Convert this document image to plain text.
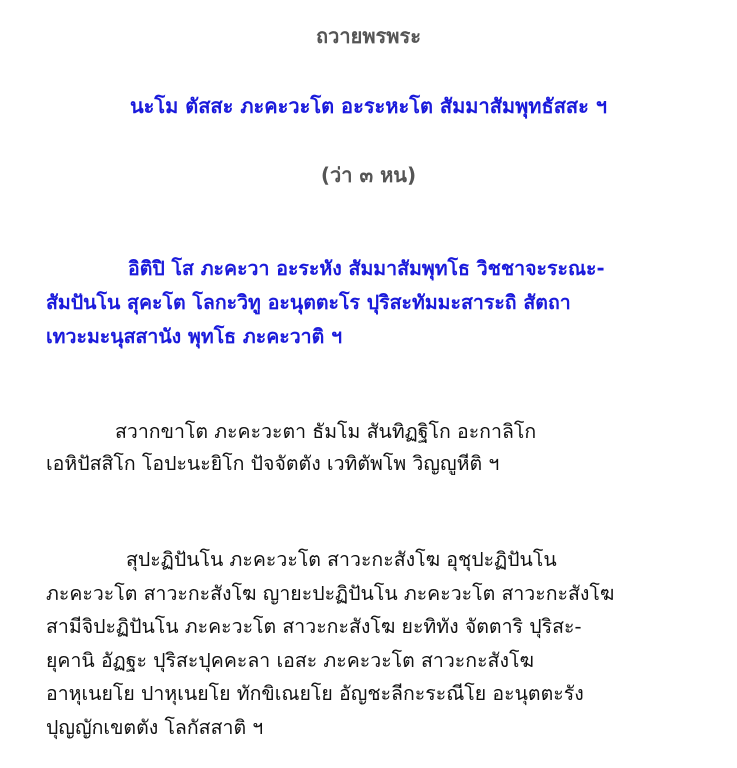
ถวายพรพระ
นะโม ตัสสะ ภะคะวะโต อะระหะโต สัมมาสัมพุทธัสสะ ฯ
(ว่า ๓ หน)
อิติปิ โส ภะคะวา อะระหัง สัมมาสัมพุทโธ วิชชาจะระณะ-
สัมปันโน สุคะโต โลกะวิทู อะนุตตะโร ปุริสะทัมมะสาระถิ สัตถา
เทวะมะนุสสานัง พุทโธ ภะคะวาติ ฯ
สวากขาโต ภะคะวะตา ธัมโม สันทิฏฐิโก อะกาลิโก
เอหิปัสสิโก โอปะนะยิโก ปัจจัตตัง เวทิตัพโพ วิญญูหีติ ฯ
สุปะฏิปันโน ภะคะวะโต สาวะกะสังโฆ อุชุปะฏิปันโน
ภะคะวะโต สาวะกะสังโฆ ญายะปะฏิปันโน ภะคะวะโต สาวะกะสังโฆ
สามีจิปะฏิปันโน ภะคะวะโต สาวะกะสังโฆ ยะทิทัง จัตตาริ ปุริสะ-
ยุคานิ อัฏฐะ ปุริสะปุคคะลา เอสะ ภะคะวะโต สาวะกะสังโฆ
อาหุเนยโย ปาหุเนยโย ทักขิเณยโย อัญชะลีกะระณีโย อะนุตตะรัง
ปุญญักเขตตัง โลกัสสาติ ฯ
